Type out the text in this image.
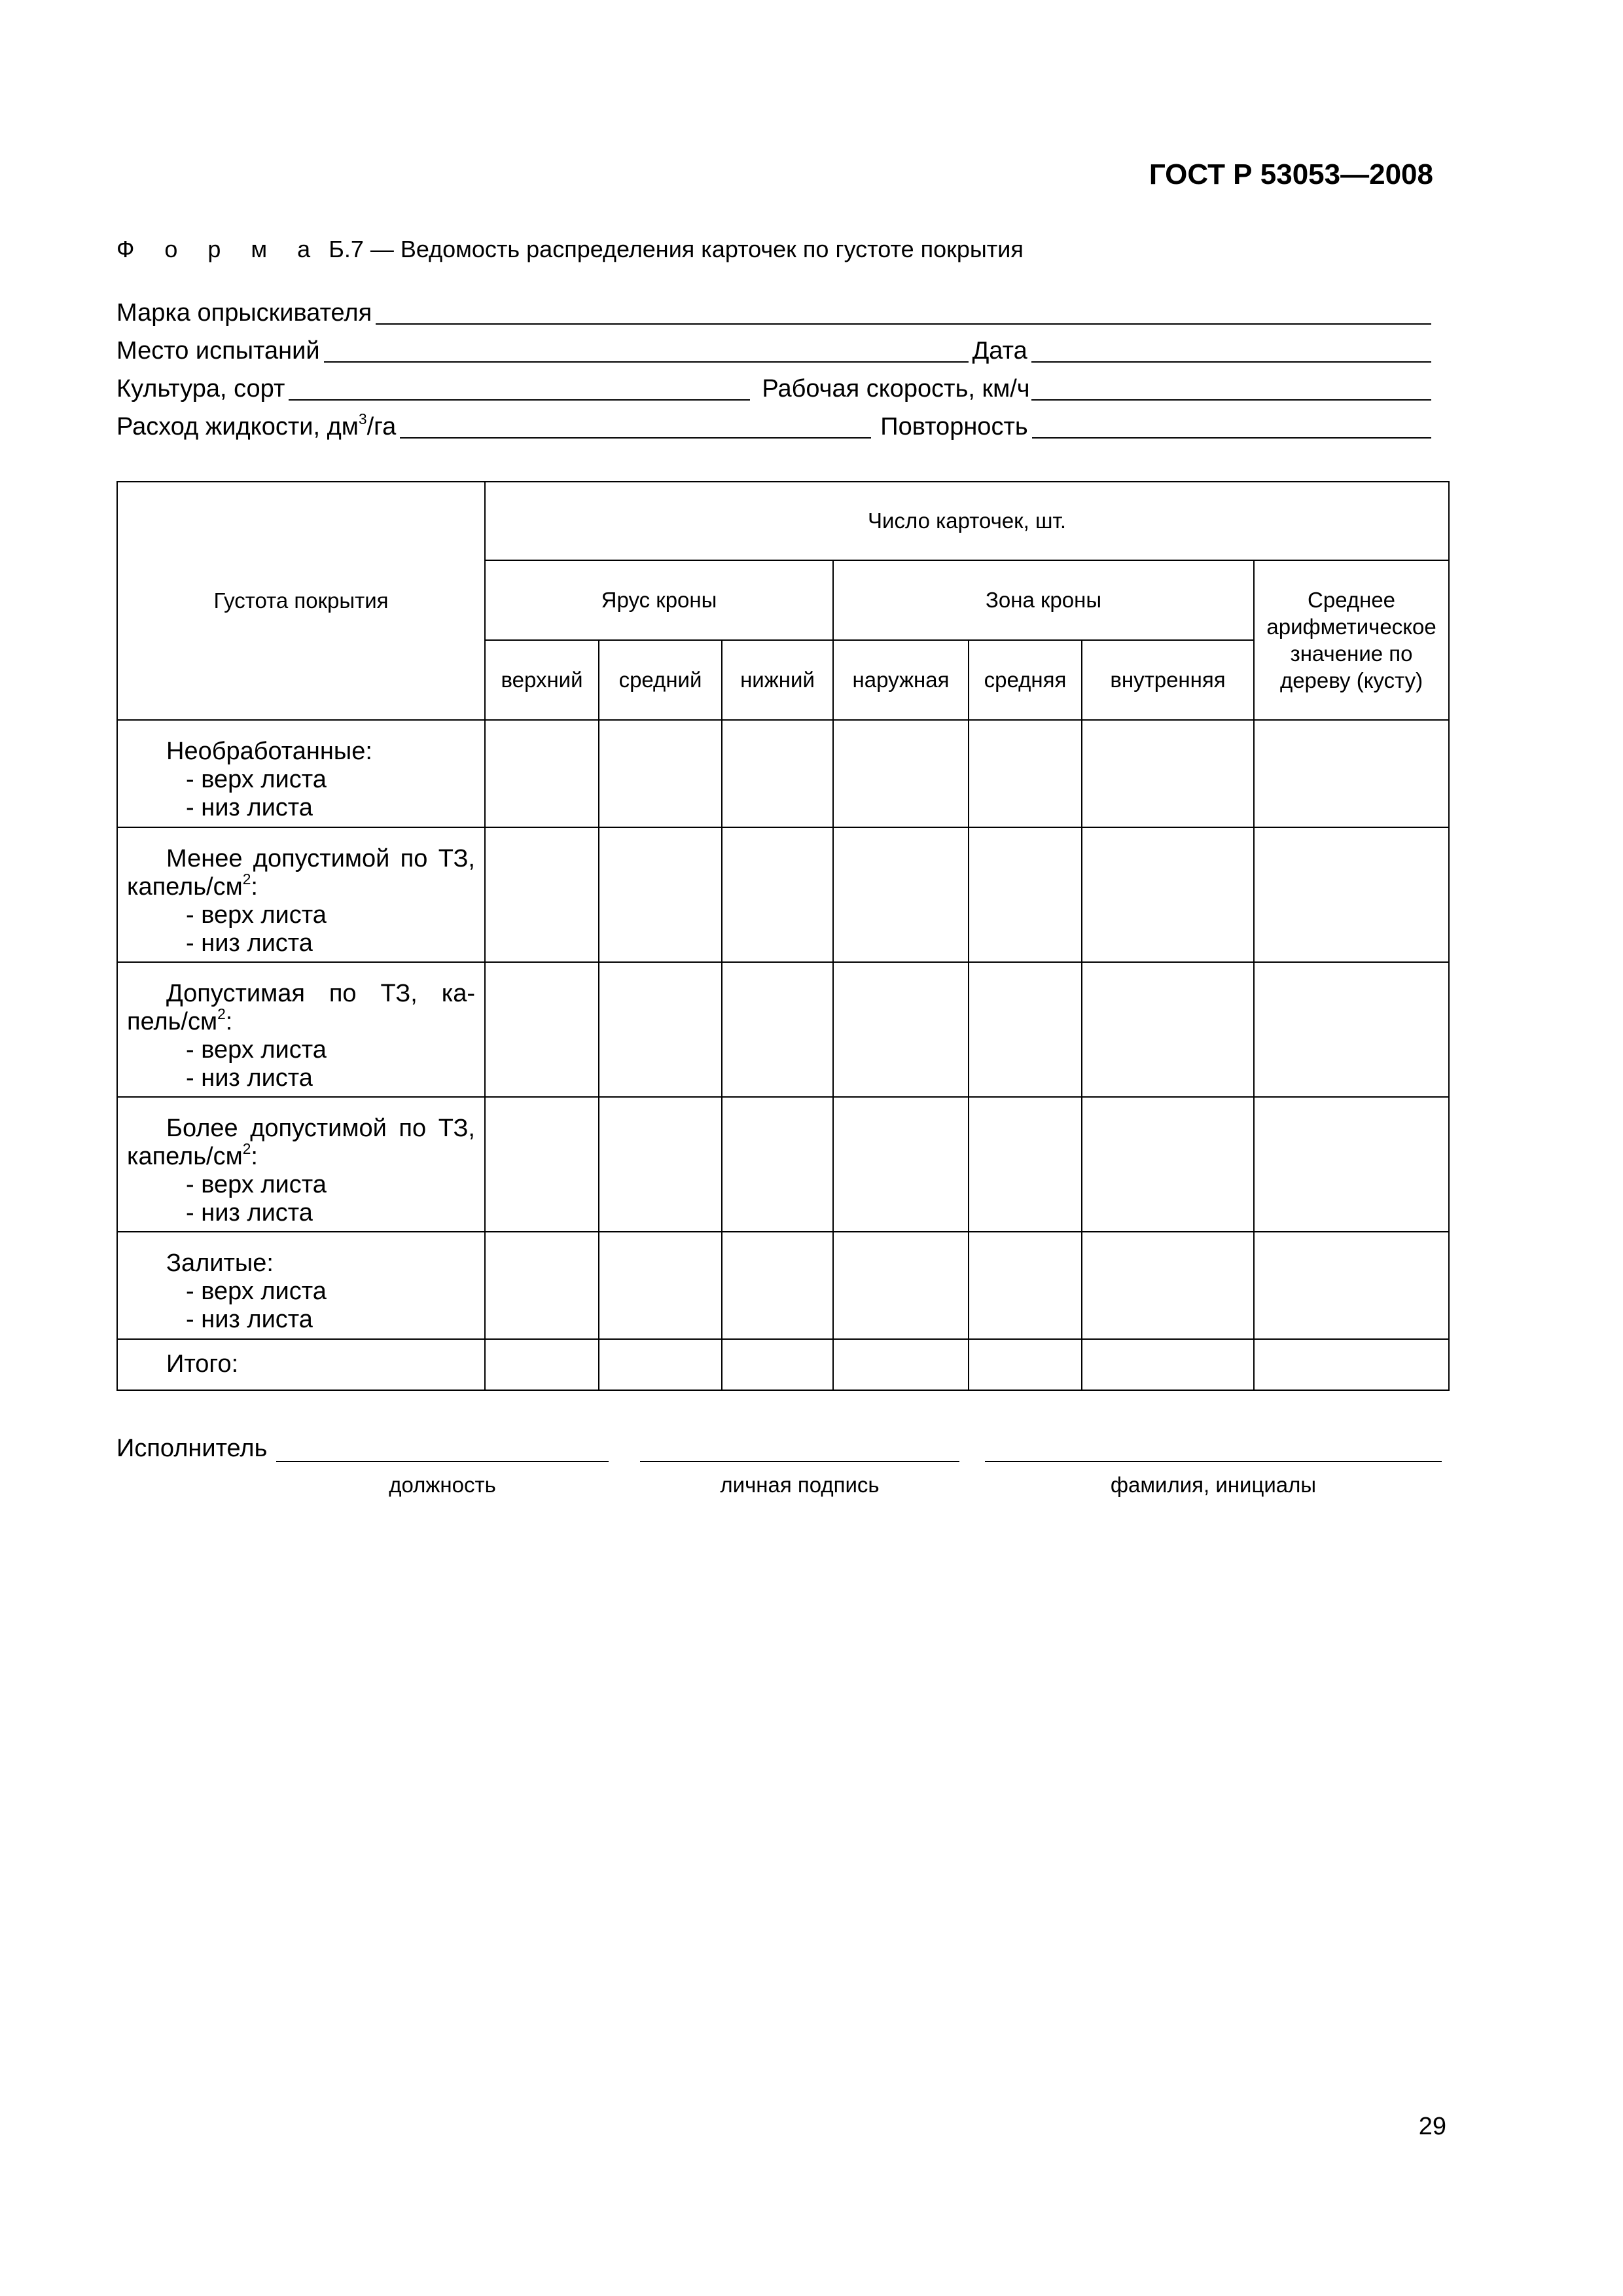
ГОСТ Р 53053—2008
Ф о р м а Б.7 — Ведомость распределения карточек по густоте покрытия
Марка опрыскивателя
Место испытаний	Дата
Культура, сорт	Рабочая скорость, км/ч
Расход жидкости, $дм^3/га$	Повторность
Густота покрытия	Число карточек, шт.						
	Ярус кроны			Зона кроны			Среднее арифметическое значение по дереву (кусту)
	верхний	средний	нижний	наружная	средняя	внутренняя	

Необработанные:
- верх листа
- низ листа							

Менее допустимой по ТЗ, капель/$см^2$:
- верх листа
- низ листа							

Допустимая по ТЗ, $ка-пель/см^2$:
- верх листа
- низ листа							

Более допустимой по ТЗ, капель/$см^2$:
- верх листа
- низ листа							

Залитые:
- верх листа
- низ листа							

Итого:							

Исполнитель
должность	личная подпись	фамилия, инициалы
29
